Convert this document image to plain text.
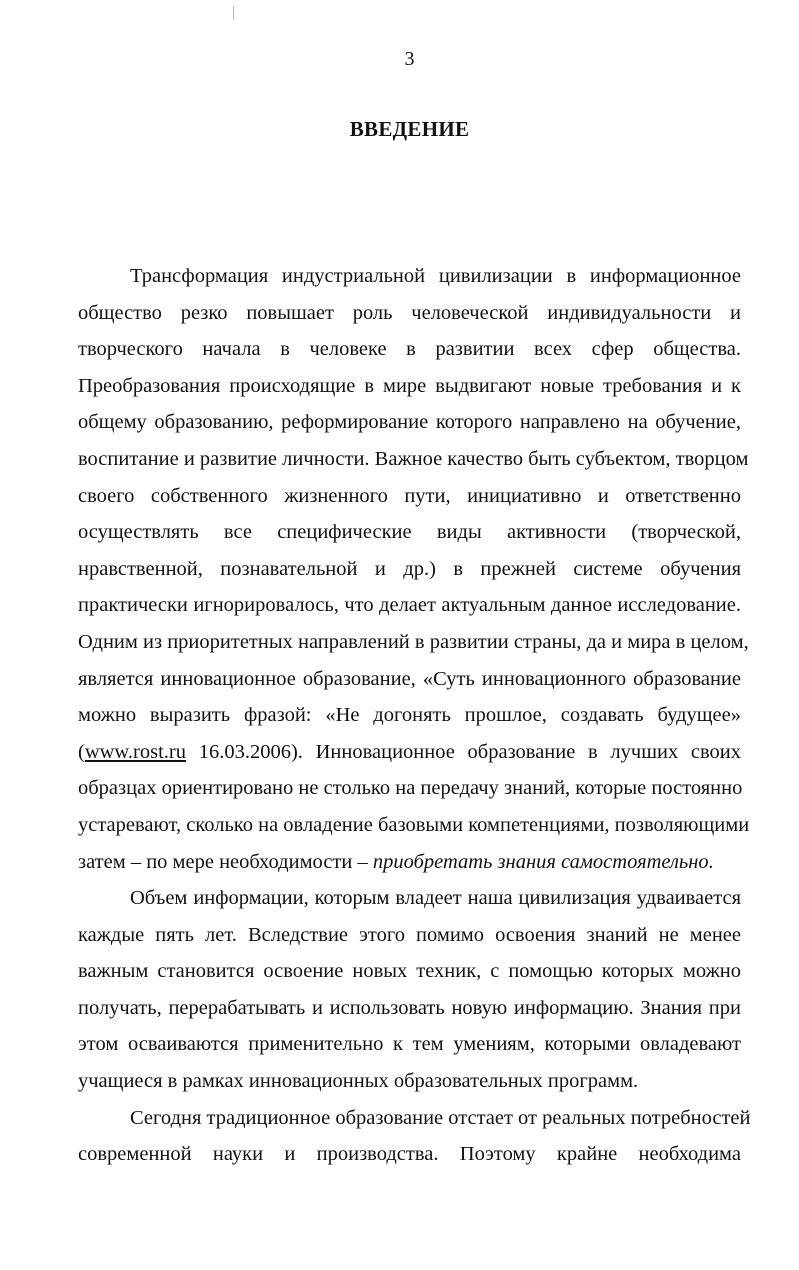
3
ВВЕДЕНИЕ
Трансформация индустриальной цивилизации в информационное
общество резко повышает роль человеческой индивидуальности и
творческого начала в человеке в развитии всех сфер общества.
Преобразования происходящие в мире выдвигают новые требования и к
общему образованию, реформирование которого направлено на обучение,
воспитание и развитие личности. Важное качество быть субъектом, творцом
своего собственного жизненного пути, инициативно и ответственно
осуществлять все специфические виды активности (творческой,
нравственной, познавательной и др.) в прежней системе обучения
практически игнорировалось, что делает актуальным данное исследование.
Одним из приоритетных направлений в развитии страны, да и мира в целом,
является инновационное образование, «Суть инновационного образование
можно выразить фразой: «Не догонять прошлое, создавать будущее»
(www.rost.ru 16.03.2006). Инновационное образование в лучших своих
образцах ориентировано не столько на передачу знаний, которые постоянно
устаревают, сколько на овладение базовыми компетенциями, позволяющими
затем – по мере необходимости – приобретать знания самостоятельно.
Объем информации, которым владеет наша цивилизация удваивается
каждые пять лет. Вследствие этого помимо освоения знаний не менее
важным становится освоение новых техник, с помощью которых можно
получать, перерабатывать и использовать новую информацию. Знания при
этом осваиваются применительно к тем умениям, которыми овладевают
учащиеся в рамках инновационных образовательных программ.
Сегодня традиционное образование отстает от реальных потребностей
современной науки и производства. Поэтому крайне необходима
